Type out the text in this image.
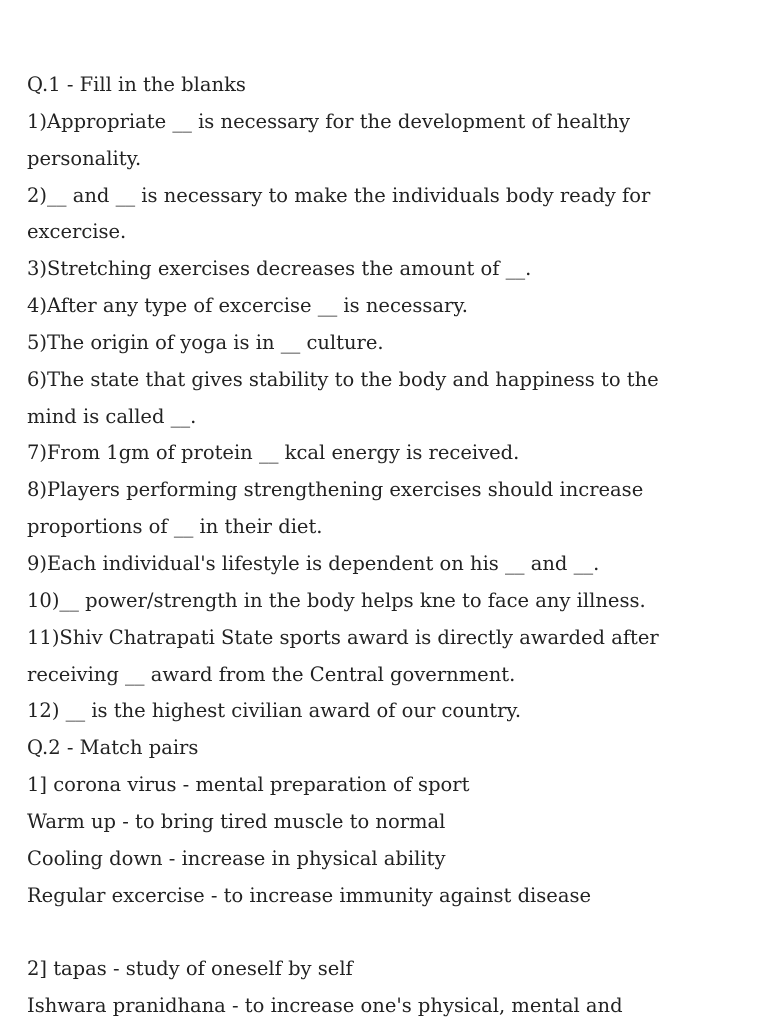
Q.1 - Fill in the blanks
1)Appropriate __ is necessary for the development of healthy
personality.
2)__ and __ is necessary to make the individuals body ready for
excercise.
3)Stretching exercises decreases the amount of __.
4)After any type of excercise __ is necessary.
5)The origin of yoga is in __ culture.
6)The state that gives stability to the body and happiness to the
mind is called __.
7)From 1gm of protein __ kcal energy is received.
8)Players performing strengthening exercises should increase
proportions of __ in their diet.
9)Each individual's lifestyle is dependent on his __ and __.
10)__ power/strength in the body helps kne to face any illness.
11)Shiv Chatrapati State sports award is directly awarded after
receiving __ award from the Central government.
12) __ is the highest civilian award of our country.
Q.2 - Match pairs
1] corona virus - mental preparation of sport
Warm up - to bring tired muscle to normal
Cooling down - increase in physical ability
Regular excercise - to increase immunity against disease
2] tapas - study of oneself by self
Ishwara pranidhana - to increase one's physical, mental and
